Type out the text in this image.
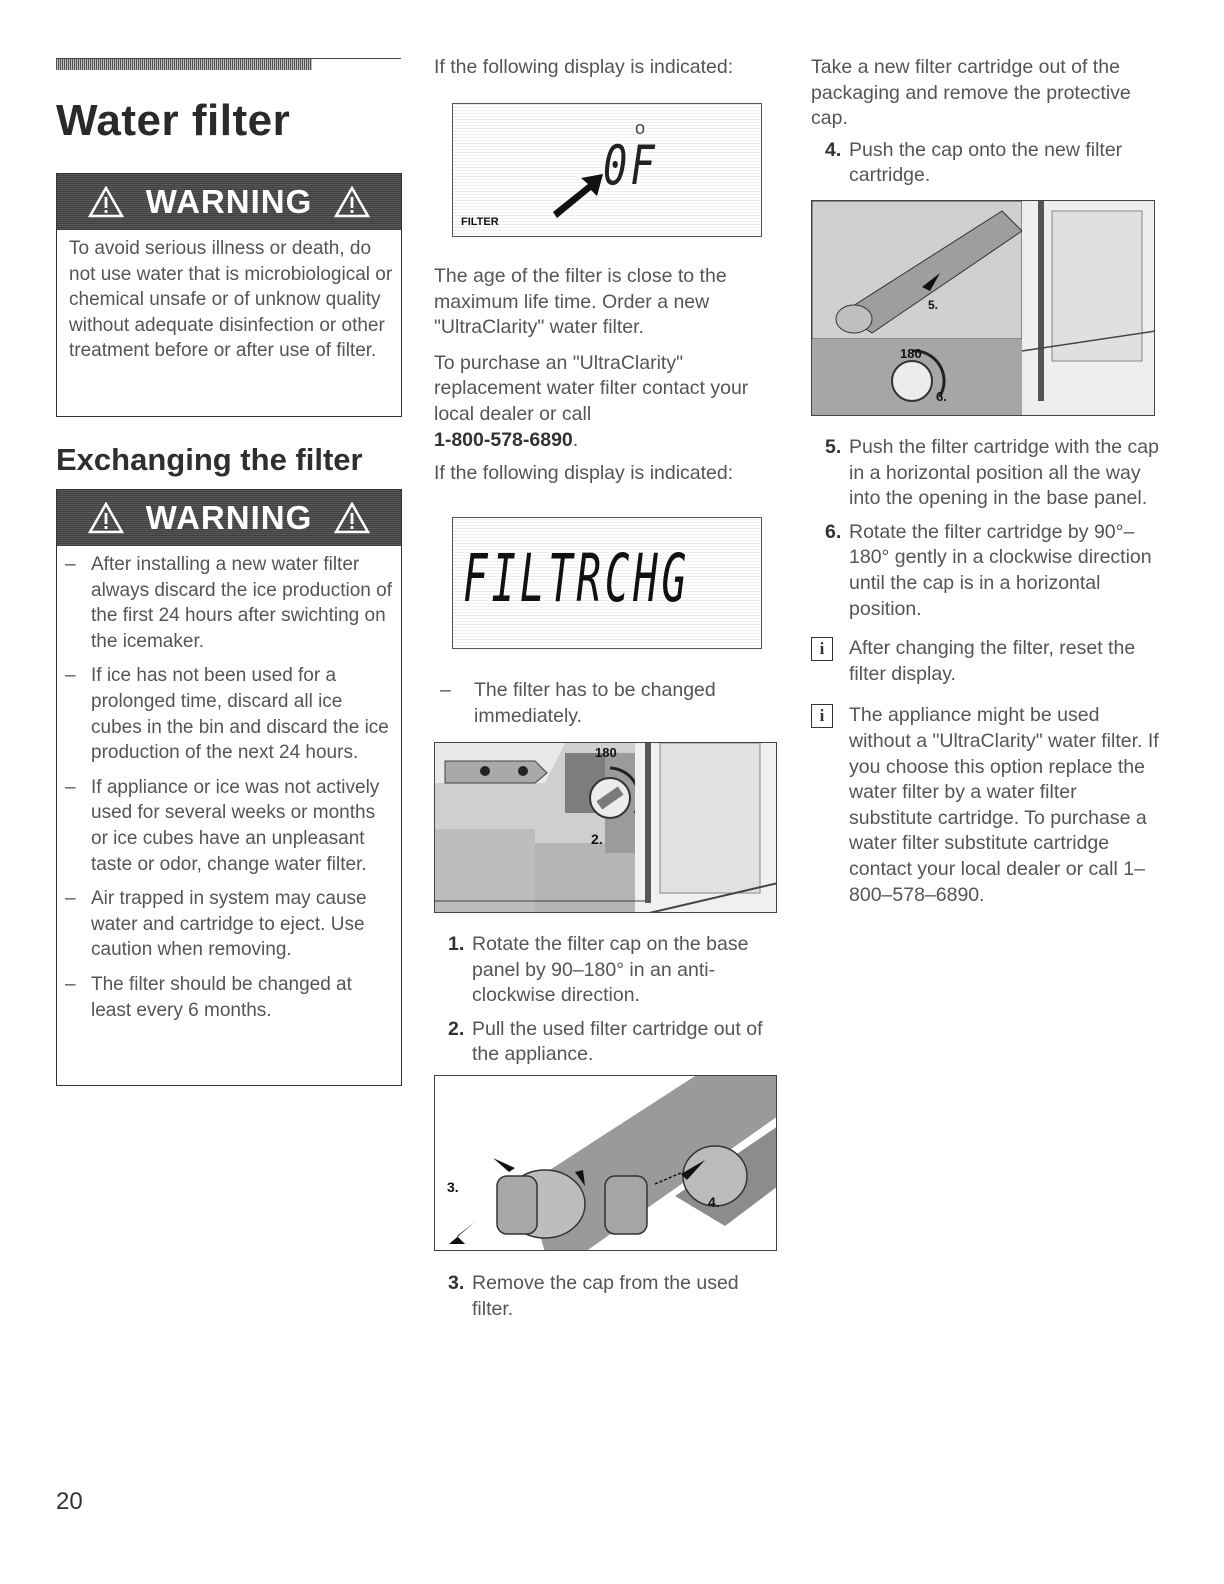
Water filter
WARNING
To avoid serious illness or death, do not use water that is microbiological or chemical unsafe or of unknow quality without adequate disinfection or other treatment before or after use of filter.
Exchanging the filter
WARNING
– After installing a new water filter always discard the ice production of the first 24 hours after swichting on the icemaker.
– If ice has not been used for a prolonged time, discard all ice cubes in the bin and discard the ice production of the next 24 hours.
– If appliance or ice was not actively used for several weeks or months or ice cubes have an unpleasant taste or odor, change water filter.
– Air trapped in system may cause water and cartridge to eject. Use caution when removing.
– The filter should be changed at least every 6 months.
If the following display is indicated:
o
0F
FILTER

The age of the filter is close to the maximum life time. Order a new "UltraClarity" water filter.

To purchase an "UltraClarity" replacement water filter contact your local dealer or call
1-800-578-6890.

If the following display is indicated:

FILTRCHG
– The filter has to be changed immediately.
180
2.
1. Rotate the filter cap on the base panel by 90–180° in an anti-clockwise direction.
2. Pull the used filter cartridge out of the appliance.
3.
4.
3. Remove the cap from the used filter.

Take a new filter cartridge out of the packaging and remove the protective cap.

4. Push the cap onto the new filter cartridge.
5.
180
6.
5. Push the filter cartridge with the cap in a horizontal position all the way into the opening in the base panel.
6. Rotate the filter cartridge by 90°–180° gently in a clockwise direction until the cap is in a horizontal position.
i	After changing the filter, reset the filter display.
i	The appliance might be used without a "UltraClarity" water filter. If you choose this option replace the water filter by a water filter substitute cartridge. To purchase a water filter substitute cartridge contact your local dealer or call 1–800–578–6890.
20
